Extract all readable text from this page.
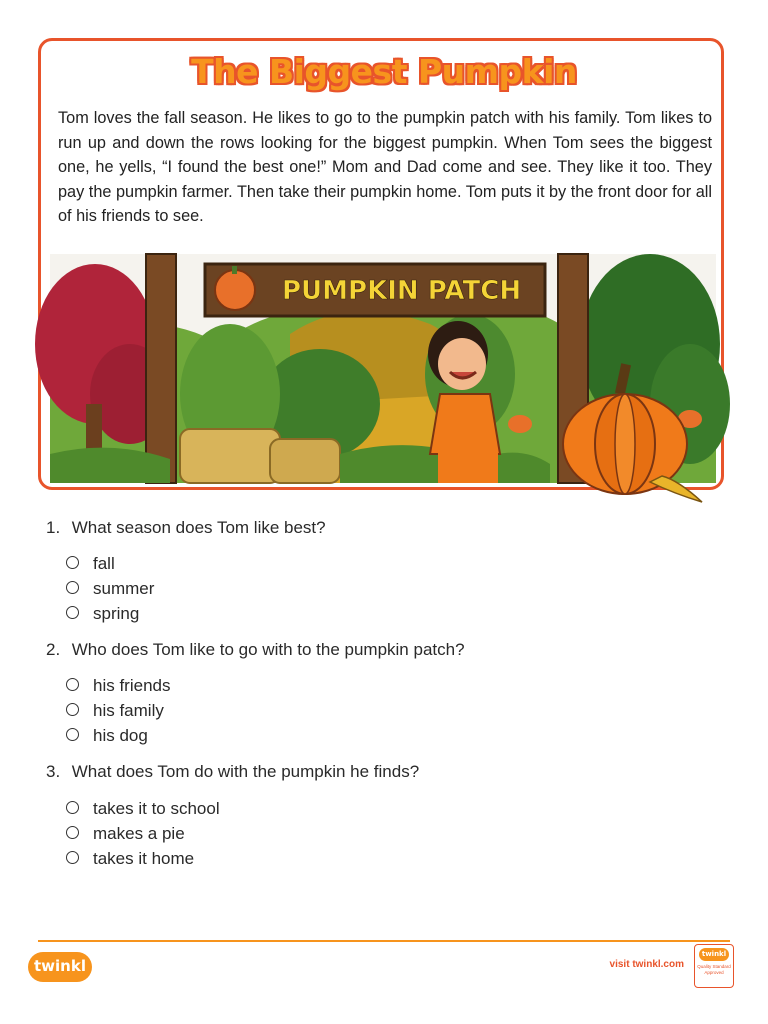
The Biggest Pumpkin
Tom loves the fall season. He likes to go to the pumpkin patch with his family. Tom likes to run up and down the rows looking for the biggest pumpkin. When Tom sees the biggest one, he yells, “I found the best one!” Mom and Dad come and see. They like it too. They pay the pumpkin farmer. Then take their pumpkin home. Tom puts it by the front door for all of his friends to see.
PUMPKIN PATCH
1. What season does Tom like best?
fall
summer
spring
2. Who does Tom like to go with to the pumpkin patch?
his friends
his family
his dog
3. What does Tom do with the pumpkin he finds?
takes it to school
makes a pie
takes it home
twinkl	visit twinkl.com
twinkl
Quality Standard Approved
